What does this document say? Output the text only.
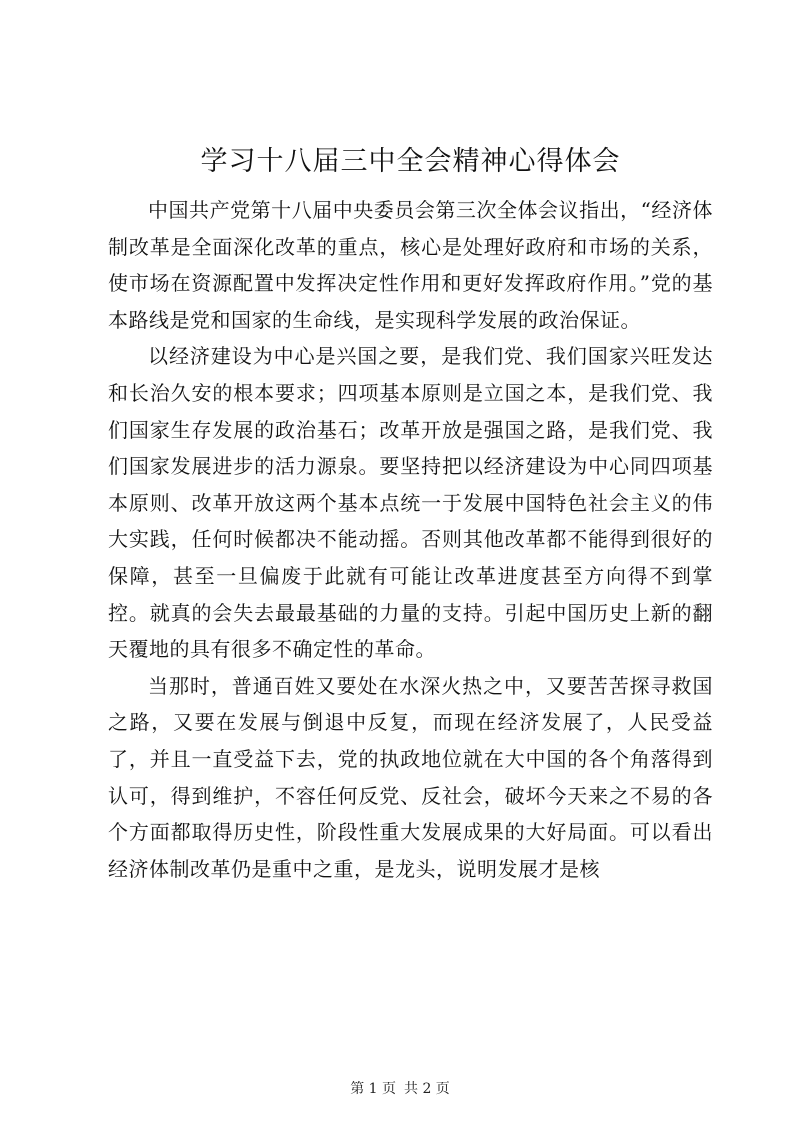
学习十八届三中全会精神心得体会

中国共产党第十八届中央委员会第三次全体会议指出，“经济体制改革是全面深化改革的重点，核心是处理好政府和市场的关系，使市场在资源配置中发挥决定性作用和更好发挥政府作用。”党的基本路线是党和国家的生命线，是实现科学发展的政治保证。

以经济建设为中心是兴国之要，是我们党、我们国家兴旺发达和长治久安的根本要求；四项基本原则是立国之本，是我们党、我们国家生存发展的政治基石；改革开放是强国之路，是我们党、我们国家发展进步的活力源泉。要坚持把以经济建设为中心同四项基本原则、改革开放这两个基本点统一于发展中国特色社会主义的伟大实践，任何时候都决不能动摇。否则其他改革都不能得到很好的保障，甚至一旦偏废于此就有可能让改革进度甚至方向得不到掌控。就真的会失去最最基础的力量的支持。引起中国历史上新的翻天覆地的具有很多不确定性的革命。

当那时，普通百姓又要处在水深火热之中，又要苦苦探寻救国之路，又要在发展与倒退中反复，而现在经济发展了，人民受益了，并且一直受益下去，党的执政地位就在大中国的各个角落得到认可，得到维护，不容任何反党、反社会，破坏今天来之不易的各个方面都取得历史性，阶段性重大发展成果的大好局面。可以看出经济体制改革仍是重中之重，是龙头，说明发展才是核

第 1 页 共 2 页
